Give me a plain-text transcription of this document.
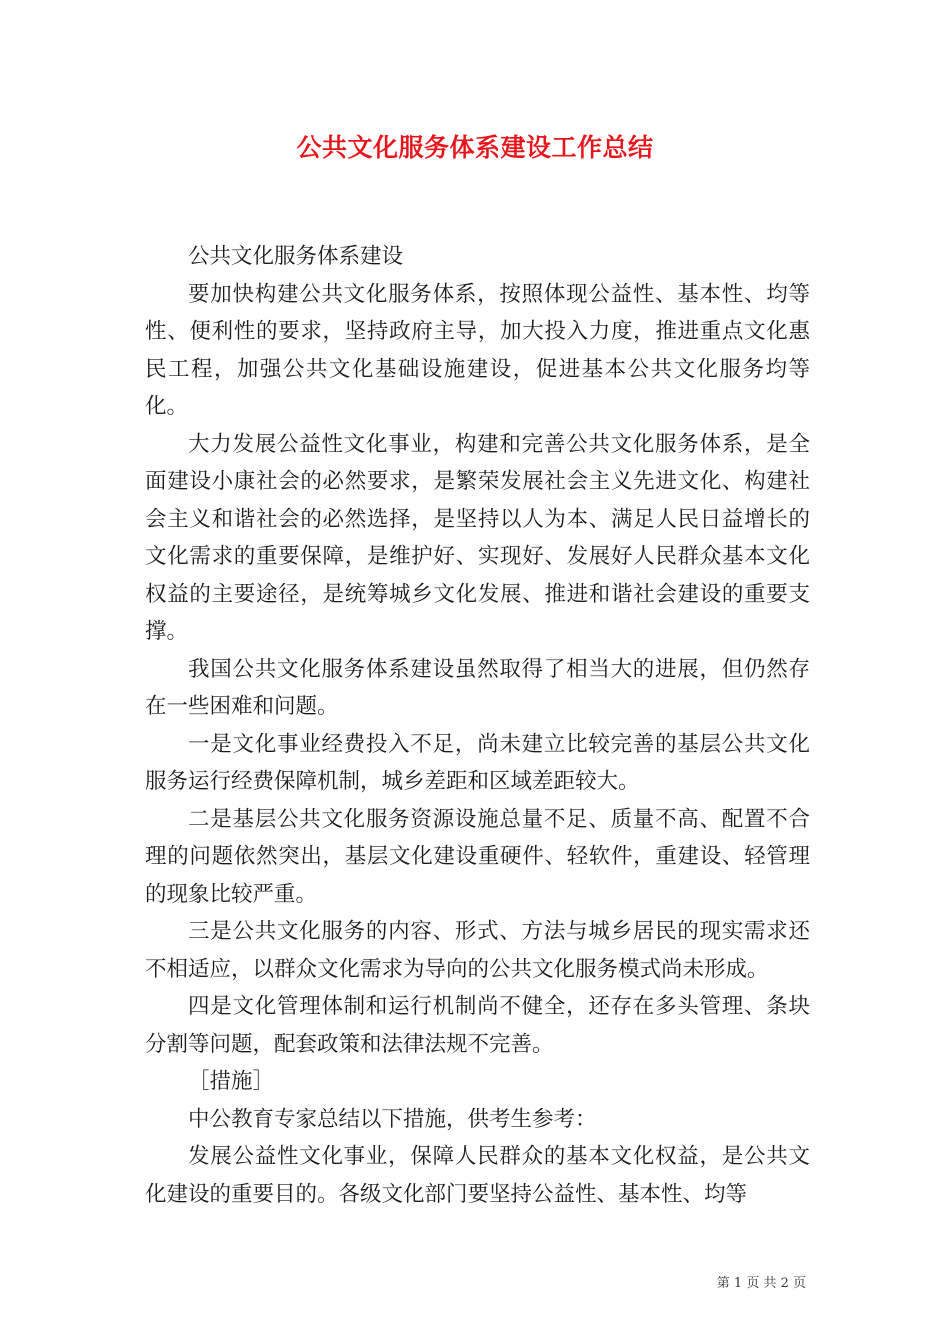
公共文化服务体系建设工作总结

公共文化服务体系建设

要加快构建公共文化服务体系，按照体现公益性、基本性、均等性、便利性的要求，坚持政府主导，加大投入力度，推进重点文化惠民工程，加强公共文化基础设施建设，促进基本公共文化服务均等化。

大力发展公益性文化事业，构建和完善公共文化服务体系，是全面建设小康社会的必然要求，是繁荣发展社会主义先进文化、构建社会主义和谐社会的必然选择，是坚持以人为本、满足人民日益增长的文化需求的重要保障，是维护好、实现好、发展好人民群众基本文化权益的主要途径，是统筹城乡文化发展、推进和谐社会建设的重要支撑。

我国公共文化服务体系建设虽然取得了相当大的进展，但仍然存在一些困难和问题。

一是文化事业经费投入不足，尚未建立比较完善的基层公共文化服务运行经费保障机制，城乡差距和区域差距较大。

二是基层公共文化服务资源设施总量不足、质量不高、配置不合理的问题依然突出，基层文化建设重硬件、轻软件，重建设、轻管理的现象比较严重。

三是公共文化服务的内容、形式、方法与城乡居民的现实需求还不相适应，以群众文化需求为导向的公共文化服务模式尚未形成。

四是文化管理体制和运行机制尚不健全，还存在多头管理、条块分割等问题，配套政策和法律法规不完善。

［措施］

中公教育专家总结以下措施，供考生参考：

发展公益性文化事业，保障人民群众的基本文化权益，是公共文化建设的重要目的。各级文化部门要坚持公益性、基本性、均等

第 1 页 共 2 页
